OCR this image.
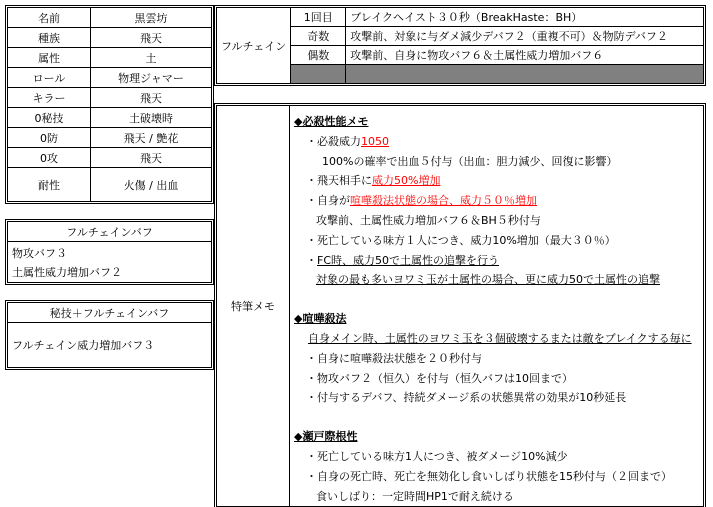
名前	黒雲坊
種族	飛天
属性	土
ロール	物理ジャマー
キラー	飛天
0秘技	土破壊時
0防	飛天 / 艶花
0攻	飛天
耐性	火傷 / 出血
フルチェインバフ

物攻バフ３
土属性威力増加バフ２
秘技＋フルチェインバフ
フルチェイン威力増加バフ３
フルチェイン	1回目	ブレイクヘイスト３０秒（BreakHaste：BH）
	奇数	攻撃前、対象に与ダメ減少デバフ２（重複不可）＆物防デバフ２
	偶数	攻撃前、自身に物攻バフ６＆土属性威力増加バフ６

特筆メモ	
◆必殺性能メモ
・必殺威力1050
100%の確率で出血５付与（出血：胆力減少、回復に影響）
・飛天相手に威力50%増加
・自身が喧嘩殺法状態の場合、威力５０％増加
攻撃前、土属性威力増加バフ６＆BH５秒付与
・死亡している味方１人につき、威力10%増加（最大３０％）
・FC時、威力50で土属性の追撃を行う
対象の最も多いヨワミ玉が土属性の場合、更に威力50で土属性の追撃
◆喧嘩殺法
自身メイン時、土属性のヨワミ玉を３個破壊するまたは敵をブレイクする毎に
・自身に喧嘩殺法状態を２０秒付与
・物攻バフ２（恒久）を付与（恒久バフは10回まで）
・付与するデバフ、持続ダメージ系の状態異常の効果が10秒延長
◆瀬戸際根性
・死亡している味方1人につき、被ダメージ10%減少
・自身の死亡時、死亡を無効化し食いしばり状態を15秒付与（２回まで）
食いしばり：一定時間HP1で耐え続ける
